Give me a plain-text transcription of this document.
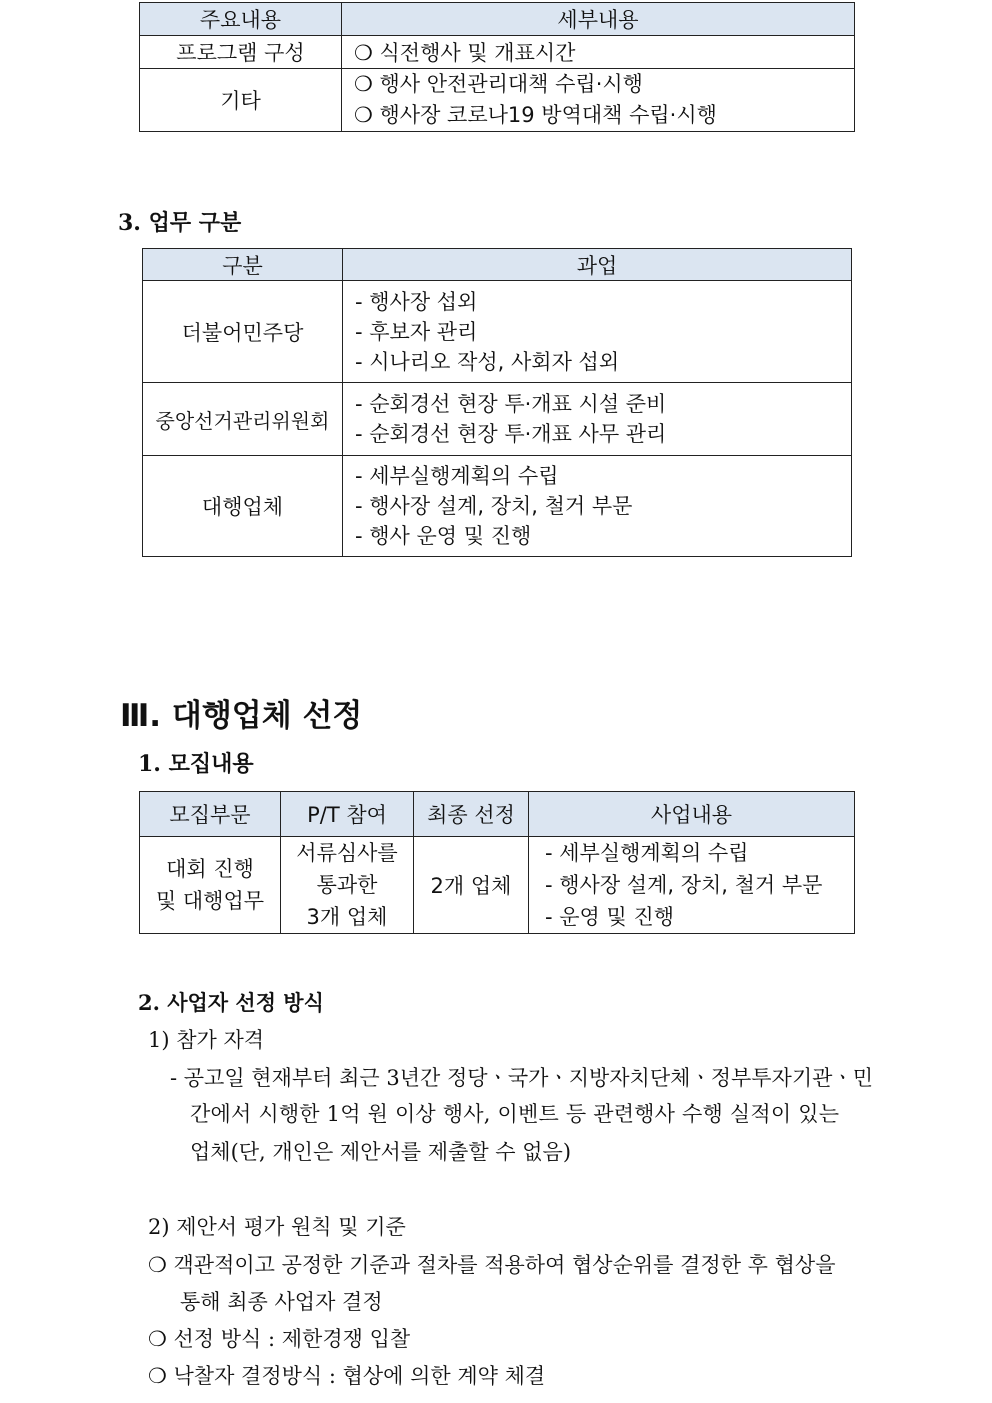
주요내용	세부내용
프로그램 구성	❍ 식전행사 및 개표시간

기타	❍ 행사 안전관리대책 수립·시행
❍ 행사장 코로나19 방역대책 수립·시행
3. 업무 구분
구분	과업
더불어민주당	- 행사장 섭외
- 후보자 관리
- 시나리오 작성, 사회자 섭외

중앙선거관리위원회	- 순회경선 현장 투·개표 시설 준비
- 순회경선 현장 투·개표 사무 관리

대행업체	- 세부실행계획의 수립
- 행사장 설계, 장치, 철거 부문
- 행사 운영 및 진행
Ⅲ. 대행업체 선정
1. 모집내용
모집부문	P/T 참여	최종 선정	사업내용

대회 진행
및 대행업무	서류심사를
통과한
3개 업체	2개 업체	- 세부실행계획의 수립
- 행사장 설계, 장치, 철거 부문
- 운영 및 진행
2. 사업자 선정 방식
1) 참가 자격
- 공고일 현재부터 최근 3년간 정당ㆍ국가ㆍ지방자치단체ㆍ정부투자기관ㆍ민
간에서 시행한 1억 원 이상 행사, 이벤트 등 관련행사 수행 실적이 있는
업체(단, 개인은 제안서를 제출할 수 없음)
2) 제안서 평가 원칙 및 기준
❍ 객관적이고 공정한 기준과 절차를 적용하여 협상순위를 결정한 후 협상을
통해 최종 사업자 결정
❍ 선정 방식 : 제한경쟁 입찰
❍ 낙찰자 결정방식 : 협상에 의한 계약 체결
